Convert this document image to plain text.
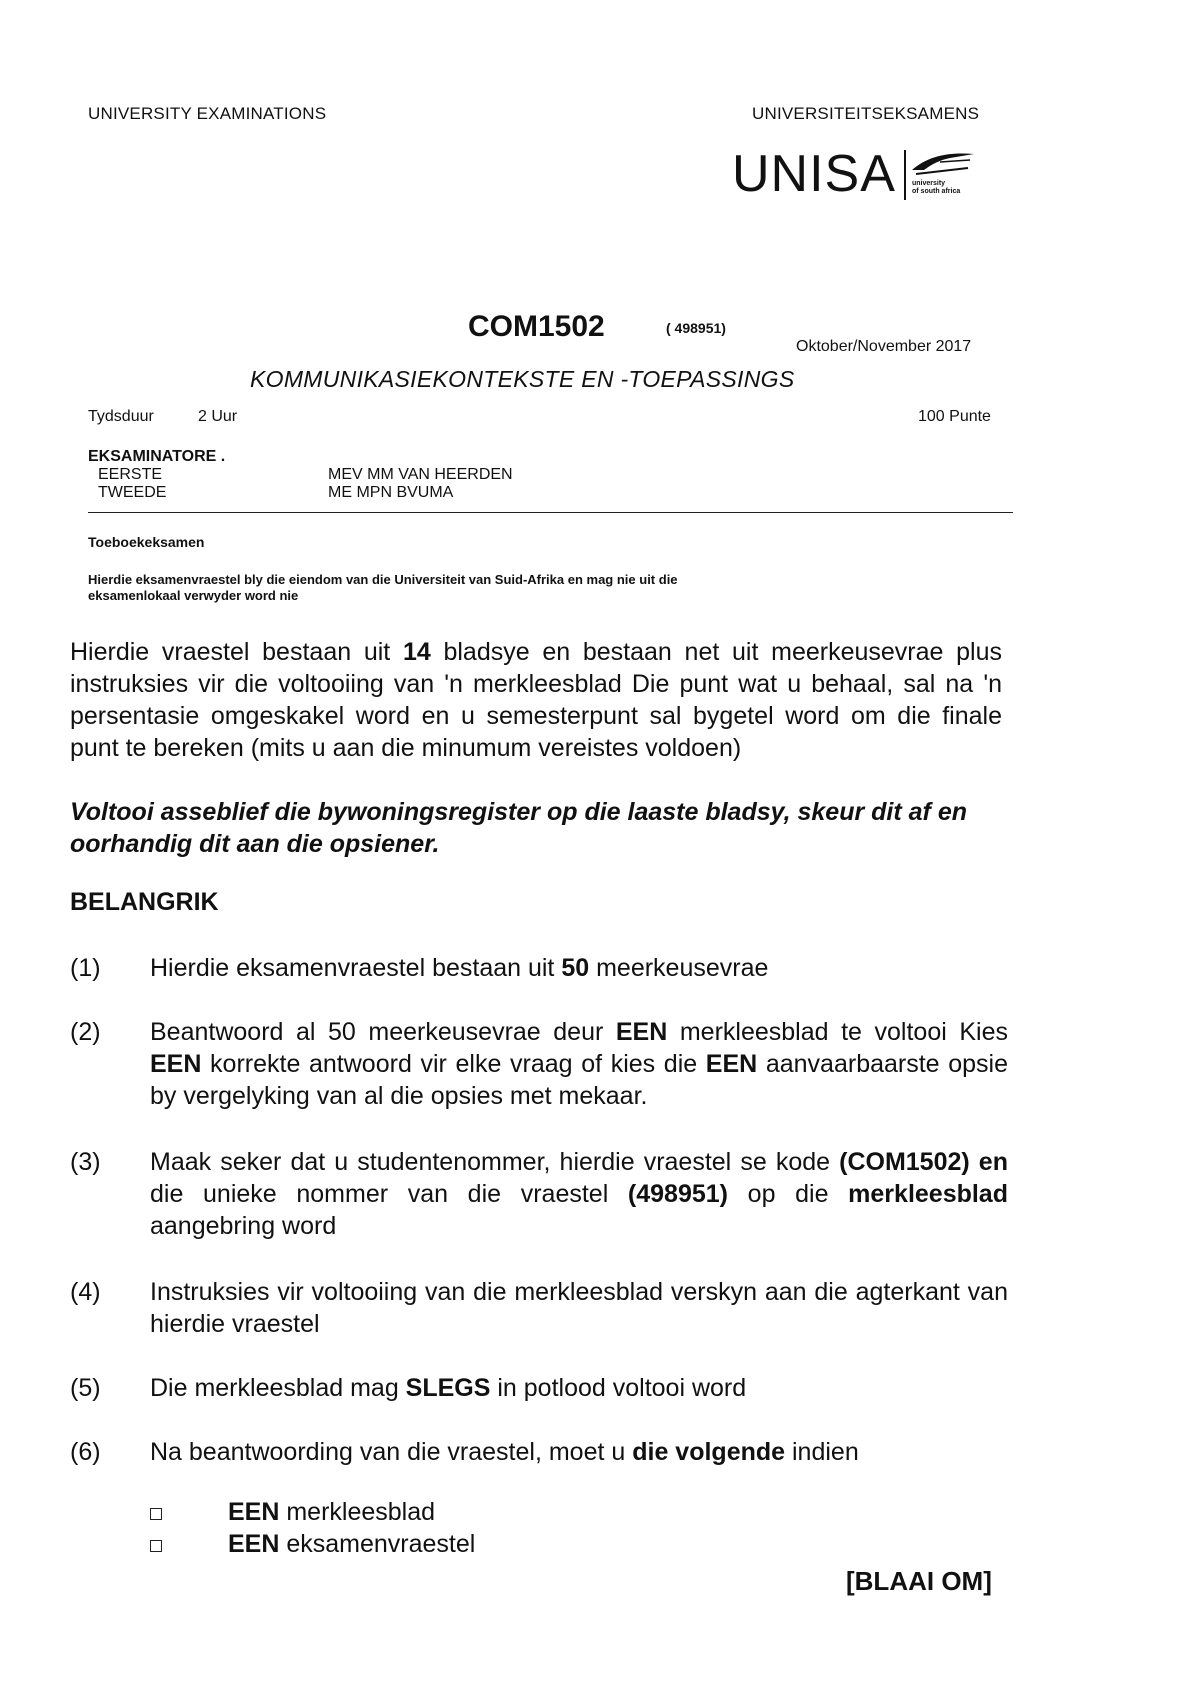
UNIVERSITY EXAMINATIONS	UNIVERSITEITSEKSAMENS
UNISA university
of south africa
COM1502	( 498951)
Oktober/November 2017
KOMMUNIKASIEKONTEKSTE EN -TOEPASSINGS
Tydsduur	2 Uur	100 Punte
EKSAMINATORE .
EERSTE	MEV MM VAN HEERDEN
TWEEDE	ME MPN BVUMA
Toeboekeksamen
Hierdie eksamenvraestel bly die eiendom van die Universiteit van Suid-Afrika en mag nie uit die
eksamenlokaal verwyder word nie
Hierdie vraestel bestaan uit 14 bladsye en bestaan net uit meerkeusevrae plus instruksies vir die voltooiing van 'n merkleesblad Die punt wat u behaal, sal na 'n persentasie omgeskakel word en u semesterpunt sal bygetel word om die finale punt te bereken (mits u aan die minumum vereistes voldoen)
Voltooi asseblief die bywoningsregister op die laaste bladsy, skeur dit af en oorhandig dit aan die opsiener.
BELANGRIK
(1)	Hierdie eksamenvraestel bestaan uit 50 meerkeusevrae
(2)	Beantwoord al 50 meerkeusevrae deur EEN merkleesblad te voltooi Kies EEN korrekte antwoord vir elke vraag of kies die EEN aanvaarbaarste opsie by vergelyking van al die opsies met mekaar.
(3)	Maak seker dat u studentenommer, hierdie vraestel se kode (COM1502) en die unieke nommer van die vraestel (498951) op die merkleesblad aangebring word
(4)	Instruksies vir voltooiing van die merkleesblad verskyn aan die agterkant van hierdie vraestel
(5)	Die merkleesblad mag SLEGS in potlood voltooi word
(6)	Na beantwoording van die vraestel, moet u die volgende indien
EEN merkleesblad
EEN eksamenvraestel
[BLAAI OM]
